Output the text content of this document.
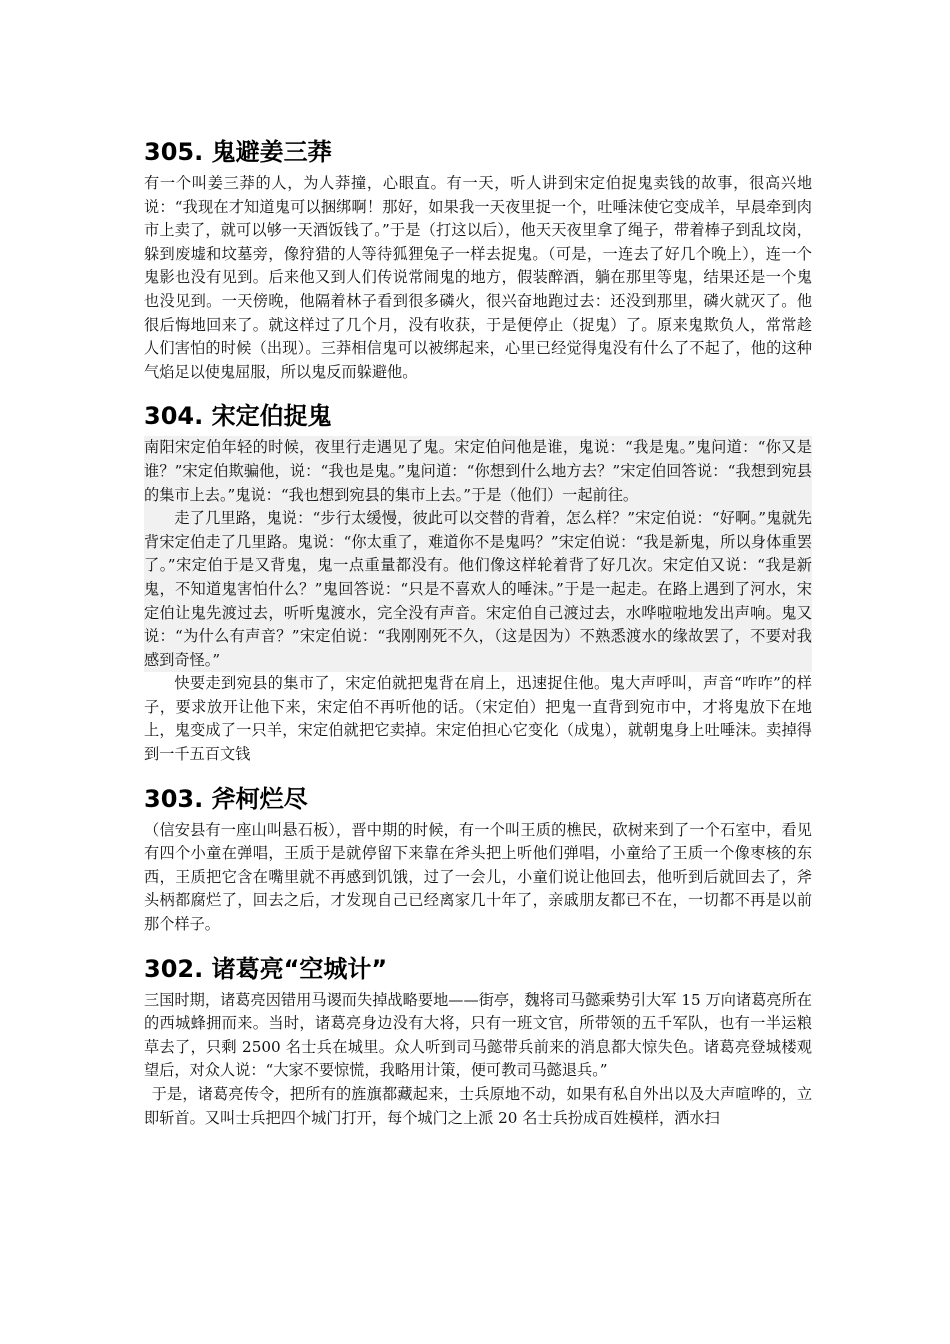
305. 鬼避姜三莽

有一个叫姜三莽的人，为人莽撞，心眼直。有一天，听人讲到宋定伯捉鬼卖钱的故事，很高兴地说：“我现在才知道鬼可以捆绑啊！那好，如果我一天夜里捉一个，吐唾沫使它变成羊，早晨牵到肉市上卖了，就可以够一天酒饭钱了。”于是（打这以后），他天天夜里拿了绳子，带着棒子到乱坟岗，躲到废墟和坟墓旁，像狩猎的人等待狐狸兔子一样去捉鬼。（可是，一连去了好几个晚上），连一个鬼影也没有见到。后来他又到人们传说常闹鬼的地方，假装醉酒，躺在那里等鬼，结果还是一个鬼也没见到。一天傍晚，他隔着林子看到很多磷火，很兴奋地跑过去：还没到那里，磷火就灭了。他很后悔地回来了。就这样过了几个月，没有收获，于是便停止（捉鬼）了。原来鬼欺负人，常常趁人们害怕的时候（出现）。三莽相信鬼可以被绑起来，心里已经觉得鬼没有什么了不起了，他的这种气焰足以使鬼屈服，所以鬼反而躲避他。

304. 宋定伯捉鬼

南阳宋定伯年轻的时候，夜里行走遇见了鬼。宋定伯问他是谁，鬼说：“我是鬼。”鬼问道：“你又是谁？”宋定伯欺骗他，说：“我也是鬼。”鬼问道：“你想到什么地方去？”宋定伯回答说：“我想到宛县的集市上去。”鬼说：“我也想到宛县的集市上去。”于是（他们）一起前往。

走了几里路，鬼说：“步行太缓慢，彼此可以交替的背着，怎么样？”宋定伯说：“好啊。”鬼就先背宋定伯走了几里路。鬼说：“你太重了，难道你不是鬼吗？”宋定伯说：“我是新鬼，所以身体重罢了。”宋定伯于是又背鬼，鬼一点重量都没有。他们像这样轮着背了好几次。宋定伯又说：“我是新鬼，不知道鬼害怕什么？”鬼回答说：“只是不喜欢人的唾沫。”于是一起走。在路上遇到了河水，宋定伯让鬼先渡过去，听听鬼渡水，完全没有声音。宋定伯自己渡过去，水哗啦啦地发出声响。鬼又说：“为什么有声音？”宋定伯说：“我刚刚死不久，（这是因为）不熟悉渡水的缘故罢了，不要对我感到奇怪。”

快要走到宛县的集市了，宋定伯就把鬼背在肩上，迅速捉住他。鬼大声呼叫，声音“咋咋”的样子，要求放开让他下来，宋定伯不再听他的话。（宋定伯）把鬼一直背到宛市中，才将鬼放下在地上，鬼变成了一只羊，宋定伯就把它卖掉。宋定伯担心它变化（成鬼），就朝鬼身上吐唾沫。卖掉得到一千五百文钱

303. 斧柯烂尽

（信安县有一座山叫悬石板），晋中期的时候，有一个叫王质的樵民，砍树来到了一个石室中，看见有四个小童在弹唱，王质于是就停留下来靠在斧头把上听他们弹唱，小童给了王质一个像枣核的东西，王质把它含在嘴里就不再感到饥饿，过了一会儿，小童们说让他回去，他听到后就回去了，斧头柄都腐烂了，回去之后，才发现自己已经离家几十年了，亲戚朋友都已不在，一切都不再是以前那个样子。

302. 诸葛亮“空城计”

三国时期，诸葛亮因错用马谡而失掉战略要地——街亭，魏将司马懿乘势引大军 15 万向诸葛亮所在的西城蜂拥而来。当时，诸葛亮身边没有大将，只有一班文官，所带领的五千军队，也有一半运粮草去了，只剩 2500 名士兵在城里。众人听到司马懿带兵前来的消息都大惊失色。诸葛亮登城楼观望后，对众人说：“大家不要惊慌，我略用计策，便可教司马懿退兵。”

于是，诸葛亮传令，把所有的旌旗都藏起来，士兵原地不动，如果有私自外出以及大声喧哗的，立即斩首。又叫士兵把四个城门打开，每个城门之上派 20 名士兵扮成百姓模样，洒水扫
